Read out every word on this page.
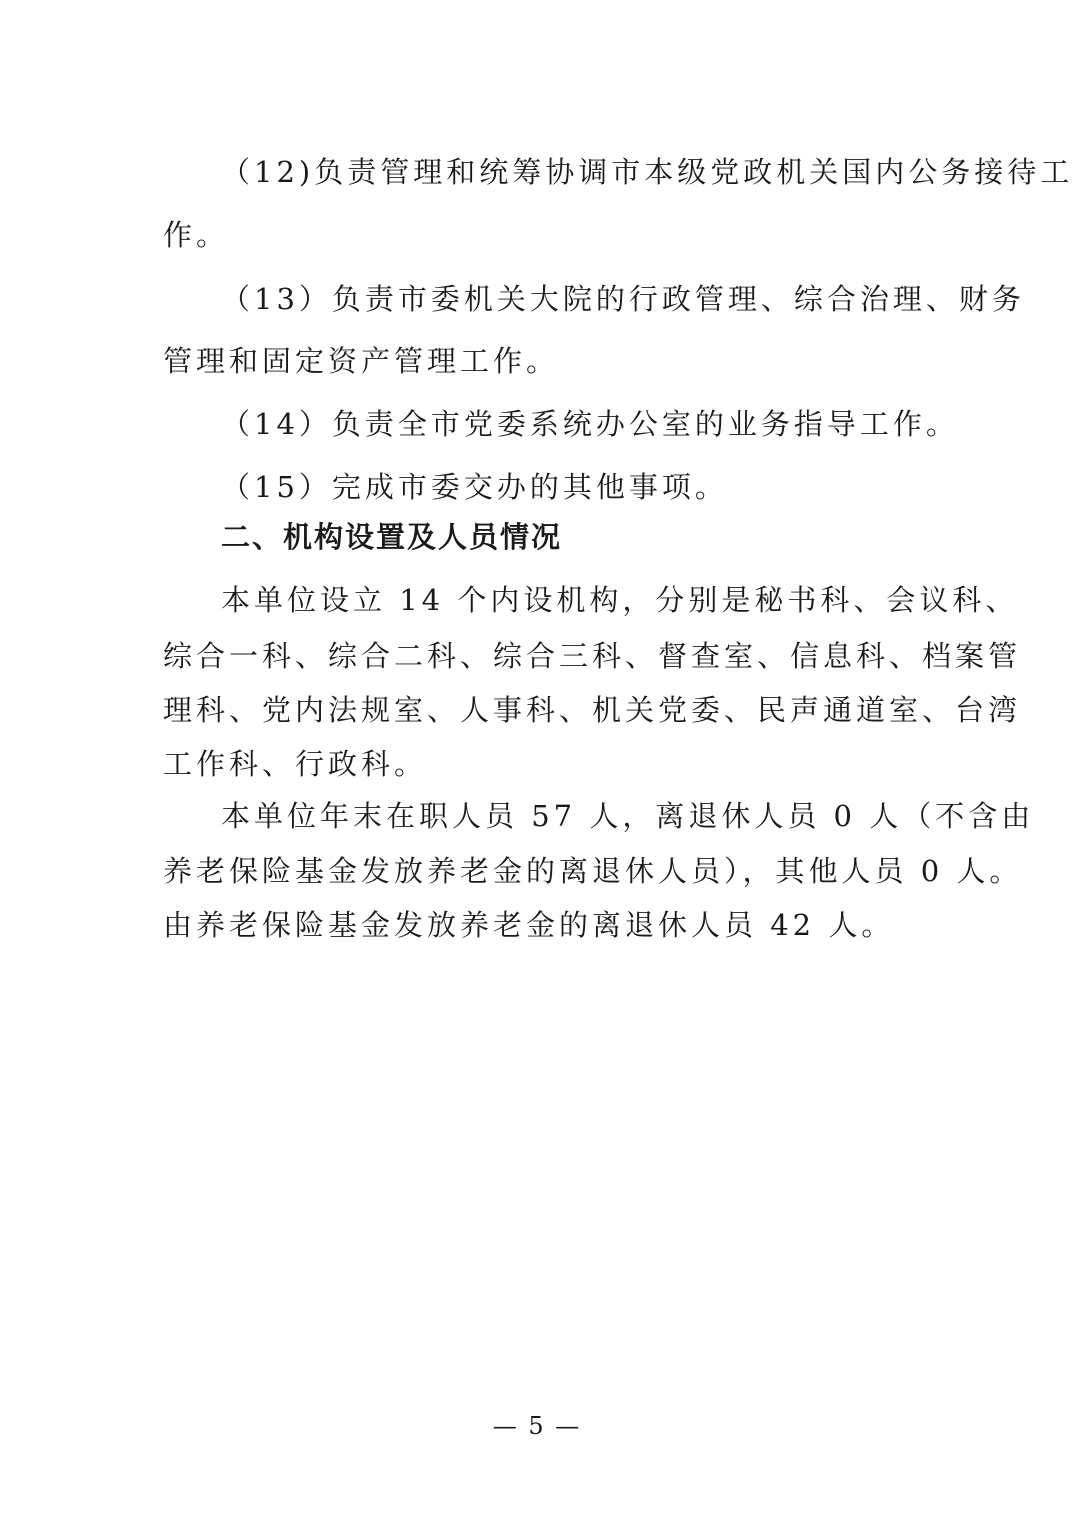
（12)负责管理和统筹协调市本级党政机关国内公务接待工
作。
（13）负责市委机关大院的行政管理、综合治理、财务
管理和固定资产管理工作。
（14）负责全市党委系统办公室的业务指导工作。
（15）完成市委交办的其他事项。
二、机构设置及人员情况
本单位设立 14 个内设机构，分别是秘书科、会议科、
综合一科、综合二科、综合三科、督查室、信息科、档案管
理科、党内法规室、人事科、机关党委、民声通道室、台湾
工作科、行政科。
本单位年末在职人员 57 人，离退休人员 0 人（不含由
养老保险基金发放养老金的离退休人员），其他人员 0 人。
由养老保险基金发放养老金的离退休人员 42 人。
— 5 —
